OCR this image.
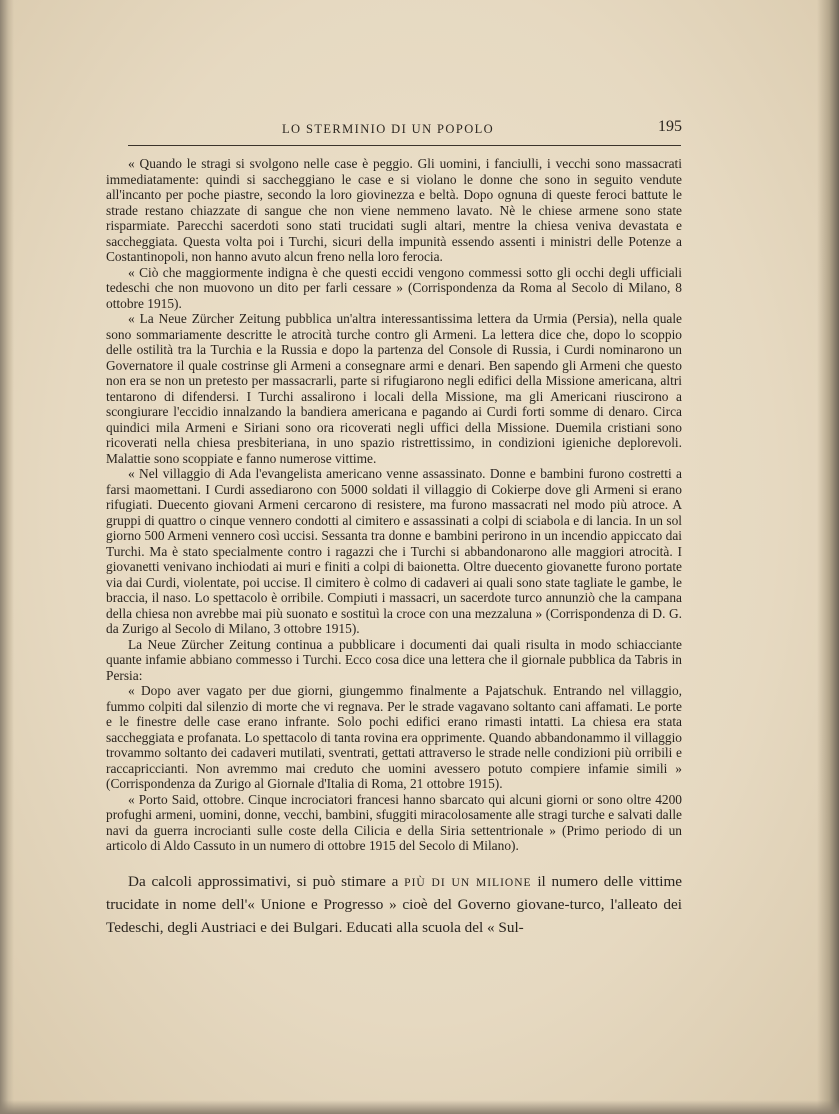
LO STERMINIO DI UN POPOLO	195

« Quando le stragi si svolgono nelle case è peggio. Gli uomini, i fanciulli, i vecchi sono massacrati immediatamente: quindi si saccheggiano le case e si violano le donne che sono in seguito vendute all'incanto per poche piastre, secondo la loro giovinezza e beltà. Dopo ognuna di queste feroci battute le strade restano chiazzate di sangue che non viene nemmeno lavato. Nè le chiese armene sono state risparmiate. Parecchi sacerdoti sono stati trucidati sugli altari, mentre la chiesa veniva devastata e saccheggiata. Questa volta poi i Turchi, sicuri della impunità essendo assenti i ministri delle Potenze a Costantinopoli, non hanno avuto alcun freno nella loro ferocia.

« Ciò che maggiormente indigna è che questi eccidi vengono commessi sotto gli occhi degli ufficiali tedeschi che non muovono un dito per farli cessare » (Corrispondenza da Roma al Secolo di Milano, 8 ottobre 1915).

« La Neue Zürcher Zeitung pubblica un'altra interessantissima lettera da Urmia (Persia), nella quale sono sommariamente descritte le atrocità turche contro gli Armeni. La lettera dice che, dopo lo scoppio delle ostilità tra la Turchia e la Russia e dopo la partenza del Console di Russia, i Curdi nominarono un Governatore il quale costrinse gli Armeni a consegnare armi e denari. Ben sapendo gli Armeni che questo non era se non un pretesto per massacrarli, parte si rifugiarono negli edifici della Missione americana, altri tentarono di difendersi. I Turchi assalirono i locali della Missione, ma gli Americani riuscirono a scongiurare l'eccidio innalzando la bandiera americana e pagando ai Curdi forti somme di denaro. Circa quindici mila Armeni e Siriani sono ora ricoverati negli uffici della Missione. Duemila cristiani sono ricoverati nella chiesa presbiteriana, in uno spazio ristrettissimo, in condizioni igieniche deplorevoli. Malattie sono scoppiate e fanno numerose vittime.

« Nel villaggio di Ada l'evangelista americano venne assassinato. Donne e bambini furono costretti a farsi maomettani. I Curdi assediarono con 5000 soldati il villaggio di Cokierpe dove gli Armeni si erano rifugiati. Duecento giovani Armeni cercarono di resistere, ma furono massacrati nel modo più atroce. A gruppi di quattro o cinque vennero condotti al cimitero e assassinati a colpi di sciabola e di lancia. In un sol giorno 500 Armeni vennero così uccisi. Sessanta tra donne e bambini perirono in un incendio appiccato dai Turchi. Ma è stato specialmente contro i ragazzi che i Turchi si abbandonarono alle maggiori atrocità. I giovanetti venivano inchiodati ai muri e finiti a colpi di baionetta. Oltre duecento giovanette furono portate via dai Curdi, violentate, poi uccise. Il cimitero è colmo di cadaveri ai quali sono state tagliate le gambe, le braccia, il naso. Lo spettacolo è orribile. Compiuti i massacri, un sacerdote turco annunziò che la campana della chiesa non avrebbe mai più suonato e sostituì la croce con una mezzaluna » (Corrispondenza di D. G. da Zurigo al Secolo di Milano, 3 ottobre 1915).

La Neue Zürcher Zeitung continua a pubblicare i documenti dai quali risulta in modo schiacciante quante infamie abbiano commesso i Turchi. Ecco cosa dice una lettera che il giornale pubblica da Tabris in Persia:

« Dopo aver vagato per due giorni, giungemmo finalmente a Pajatschuk. Entrando nel villaggio, fummo colpiti dal silenzio di morte che vi regnava. Per le strade vagavano soltanto cani affamati. Le porte e le finestre delle case erano infrante. Solo pochi edifici erano rimasti intatti. La chiesa era stata saccheggiata e profanata. Lo spettacolo di tanta rovina era opprimente. Quando abbandonammo il villaggio trovammo soltanto dei cadaveri mutilati, sventrati, gettati attraverso le strade nelle condizioni più orribili e raccapriccianti. Non avremmo mai creduto che uomini avessero potuto compiere infamie simili » (Corrispondenza da Zurigo al Giornale d'Italia di Roma, 21 ottobre 1915).

« Porto Said, ottobre. Cinque incrociatori francesi hanno sbarcato qui alcuni giorni or sono oltre 4200 profughi armeni, uomini, donne, vecchi, bambini, sfuggiti miracolosamente alle stragi turche e salvati dalle navi da guerra incrocianti sulle coste della Cilicia e della Siria settentrionale » (Primo periodo di un articolo di Aldo Cassuto in un numero di ottobre 1915 del Secolo di Milano).

Da calcoli approssimativi, si può stimare a PIÙ DI UN MILIONE il numero delle vittime trucidate in nome dell'« Unione e Progresso » cioè del Governo giovane-turco, l'alleato dei Tedeschi, degli Austriaci e dei Bulgari. Educati alla scuola del « Sul-
